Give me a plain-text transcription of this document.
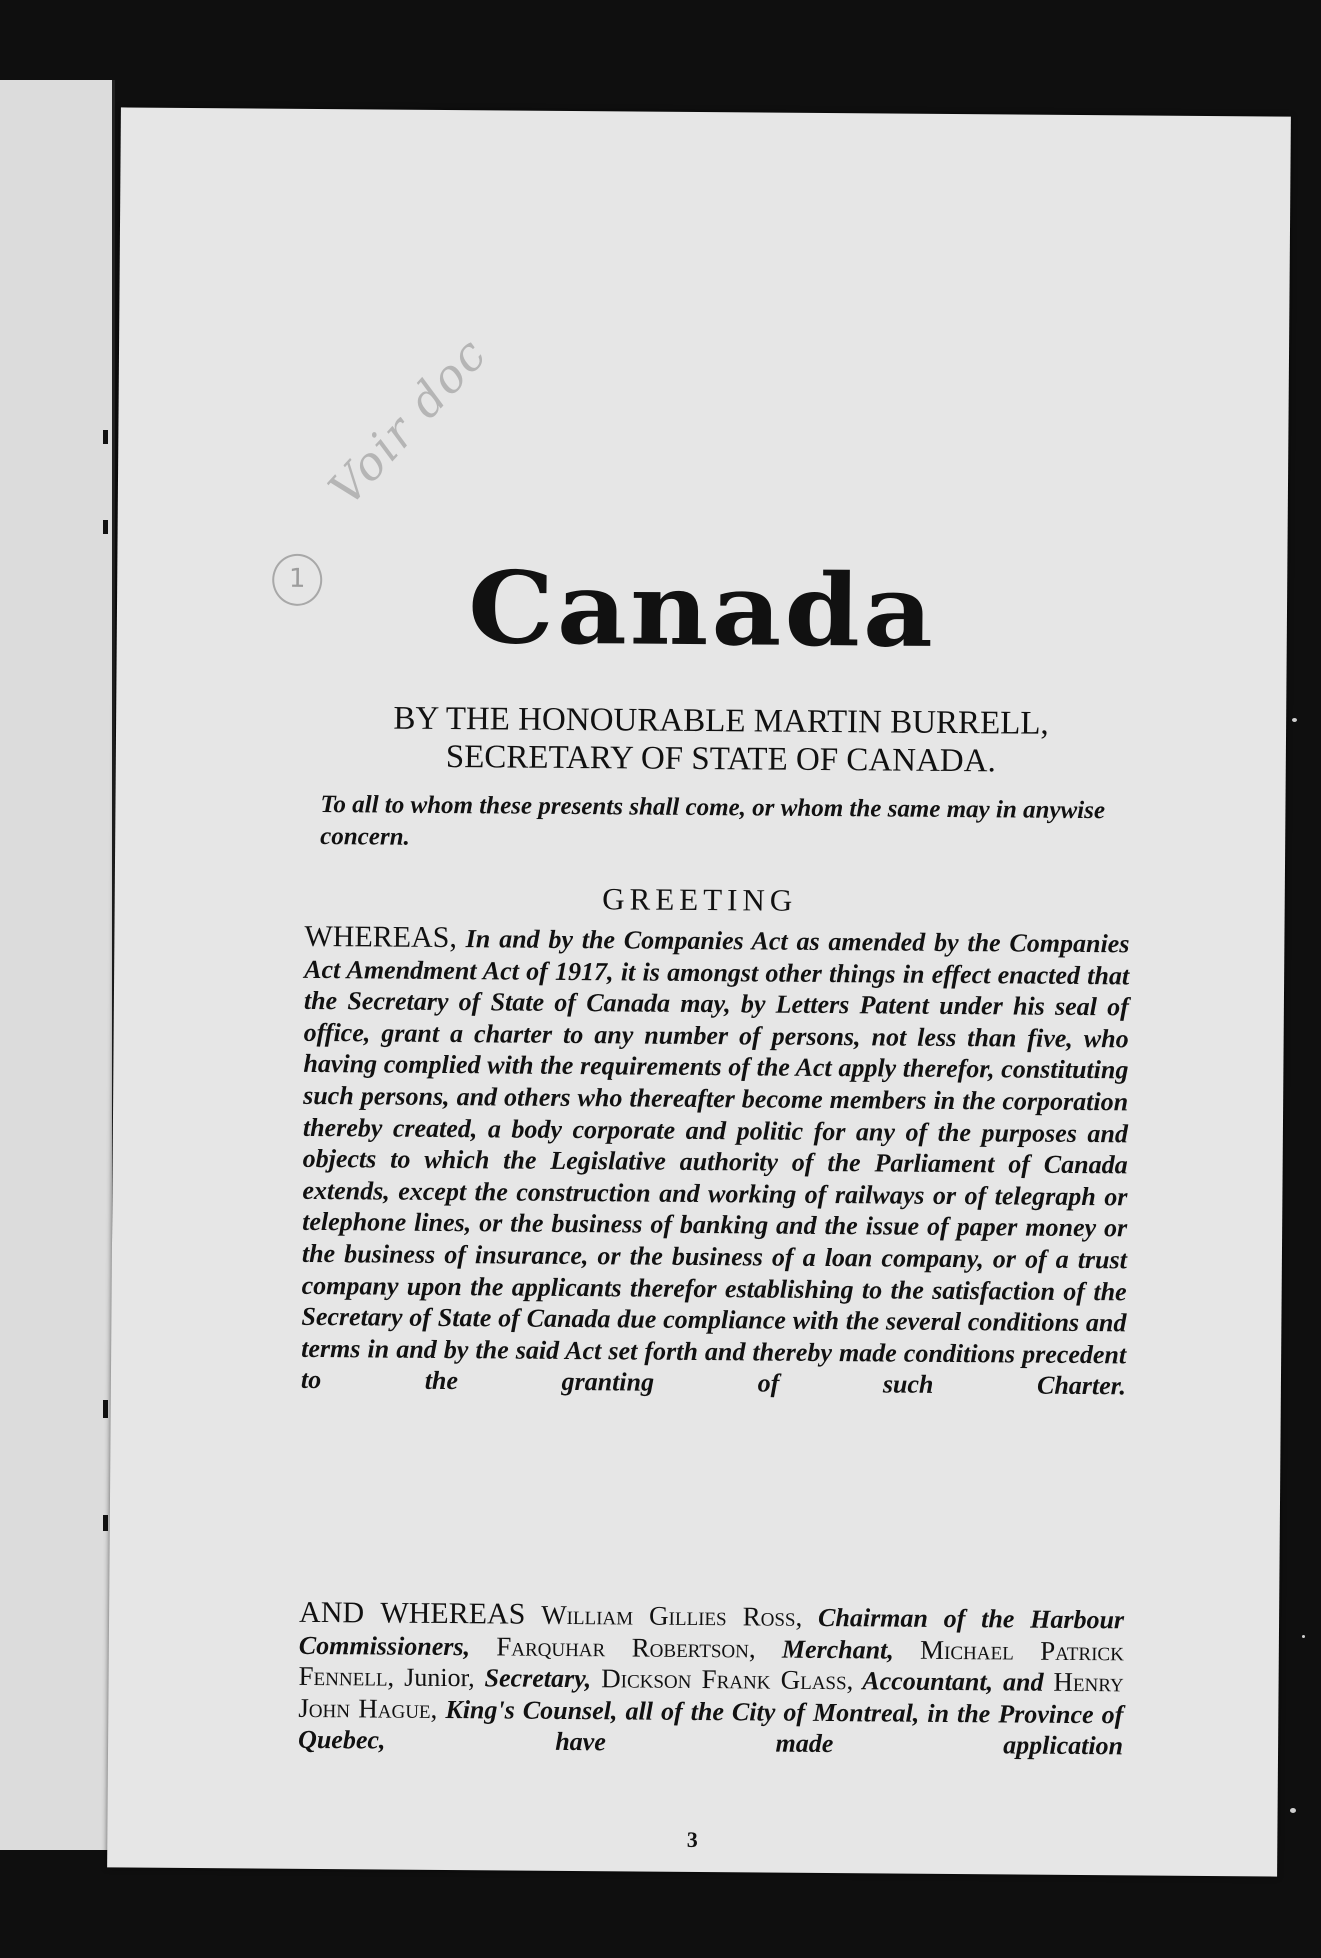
Voir doc
1	Canada
BY THE HONOURABLE MARTIN BURRELL,
SECRETARY OF STATE OF CANADA.
To all to whom these presents shall come, or whom the same may in anywise concern.
GREETING
WHEREAS, In and by the Companies Act as amended by the Companies Act Amendment Act of 1917, it is amongst other things in effect enacted that the Secretary of State of Canada may, by Letters Patent under his seal of office, grant a charter to any number of persons, not less than five, who having complied with the requirements of the Act apply therefor, constituting such persons, and others who thereafter become members in the corporation thereby created, a body corporate and politic for any of the purposes and objects to which the Legislative authority of the Parliament of Canada extends, except the construction and working of railways or of telegraph or telephone lines, or the business of banking and the issue of paper money or the business of insurance, or the business of a loan company, or of a trust company upon the applicants therefor establishing to the satisfaction of the Secretary of State of Canada due compliance with the several conditions and terms in and by the said Act set forth and thereby made conditions precedent to the granting of such Charter.
AND WHEREAS William Gillies Ross, Chairman of the Harbour Commissioners, Farquhar Robertson, Merchant, Michael Patrick Fennell, Junior, Secretary, Dickson Frank Glass, Accountant, and Henry John Hague, King's Counsel, all of the City of Montreal, in the Province of Quebec, have made application
3
